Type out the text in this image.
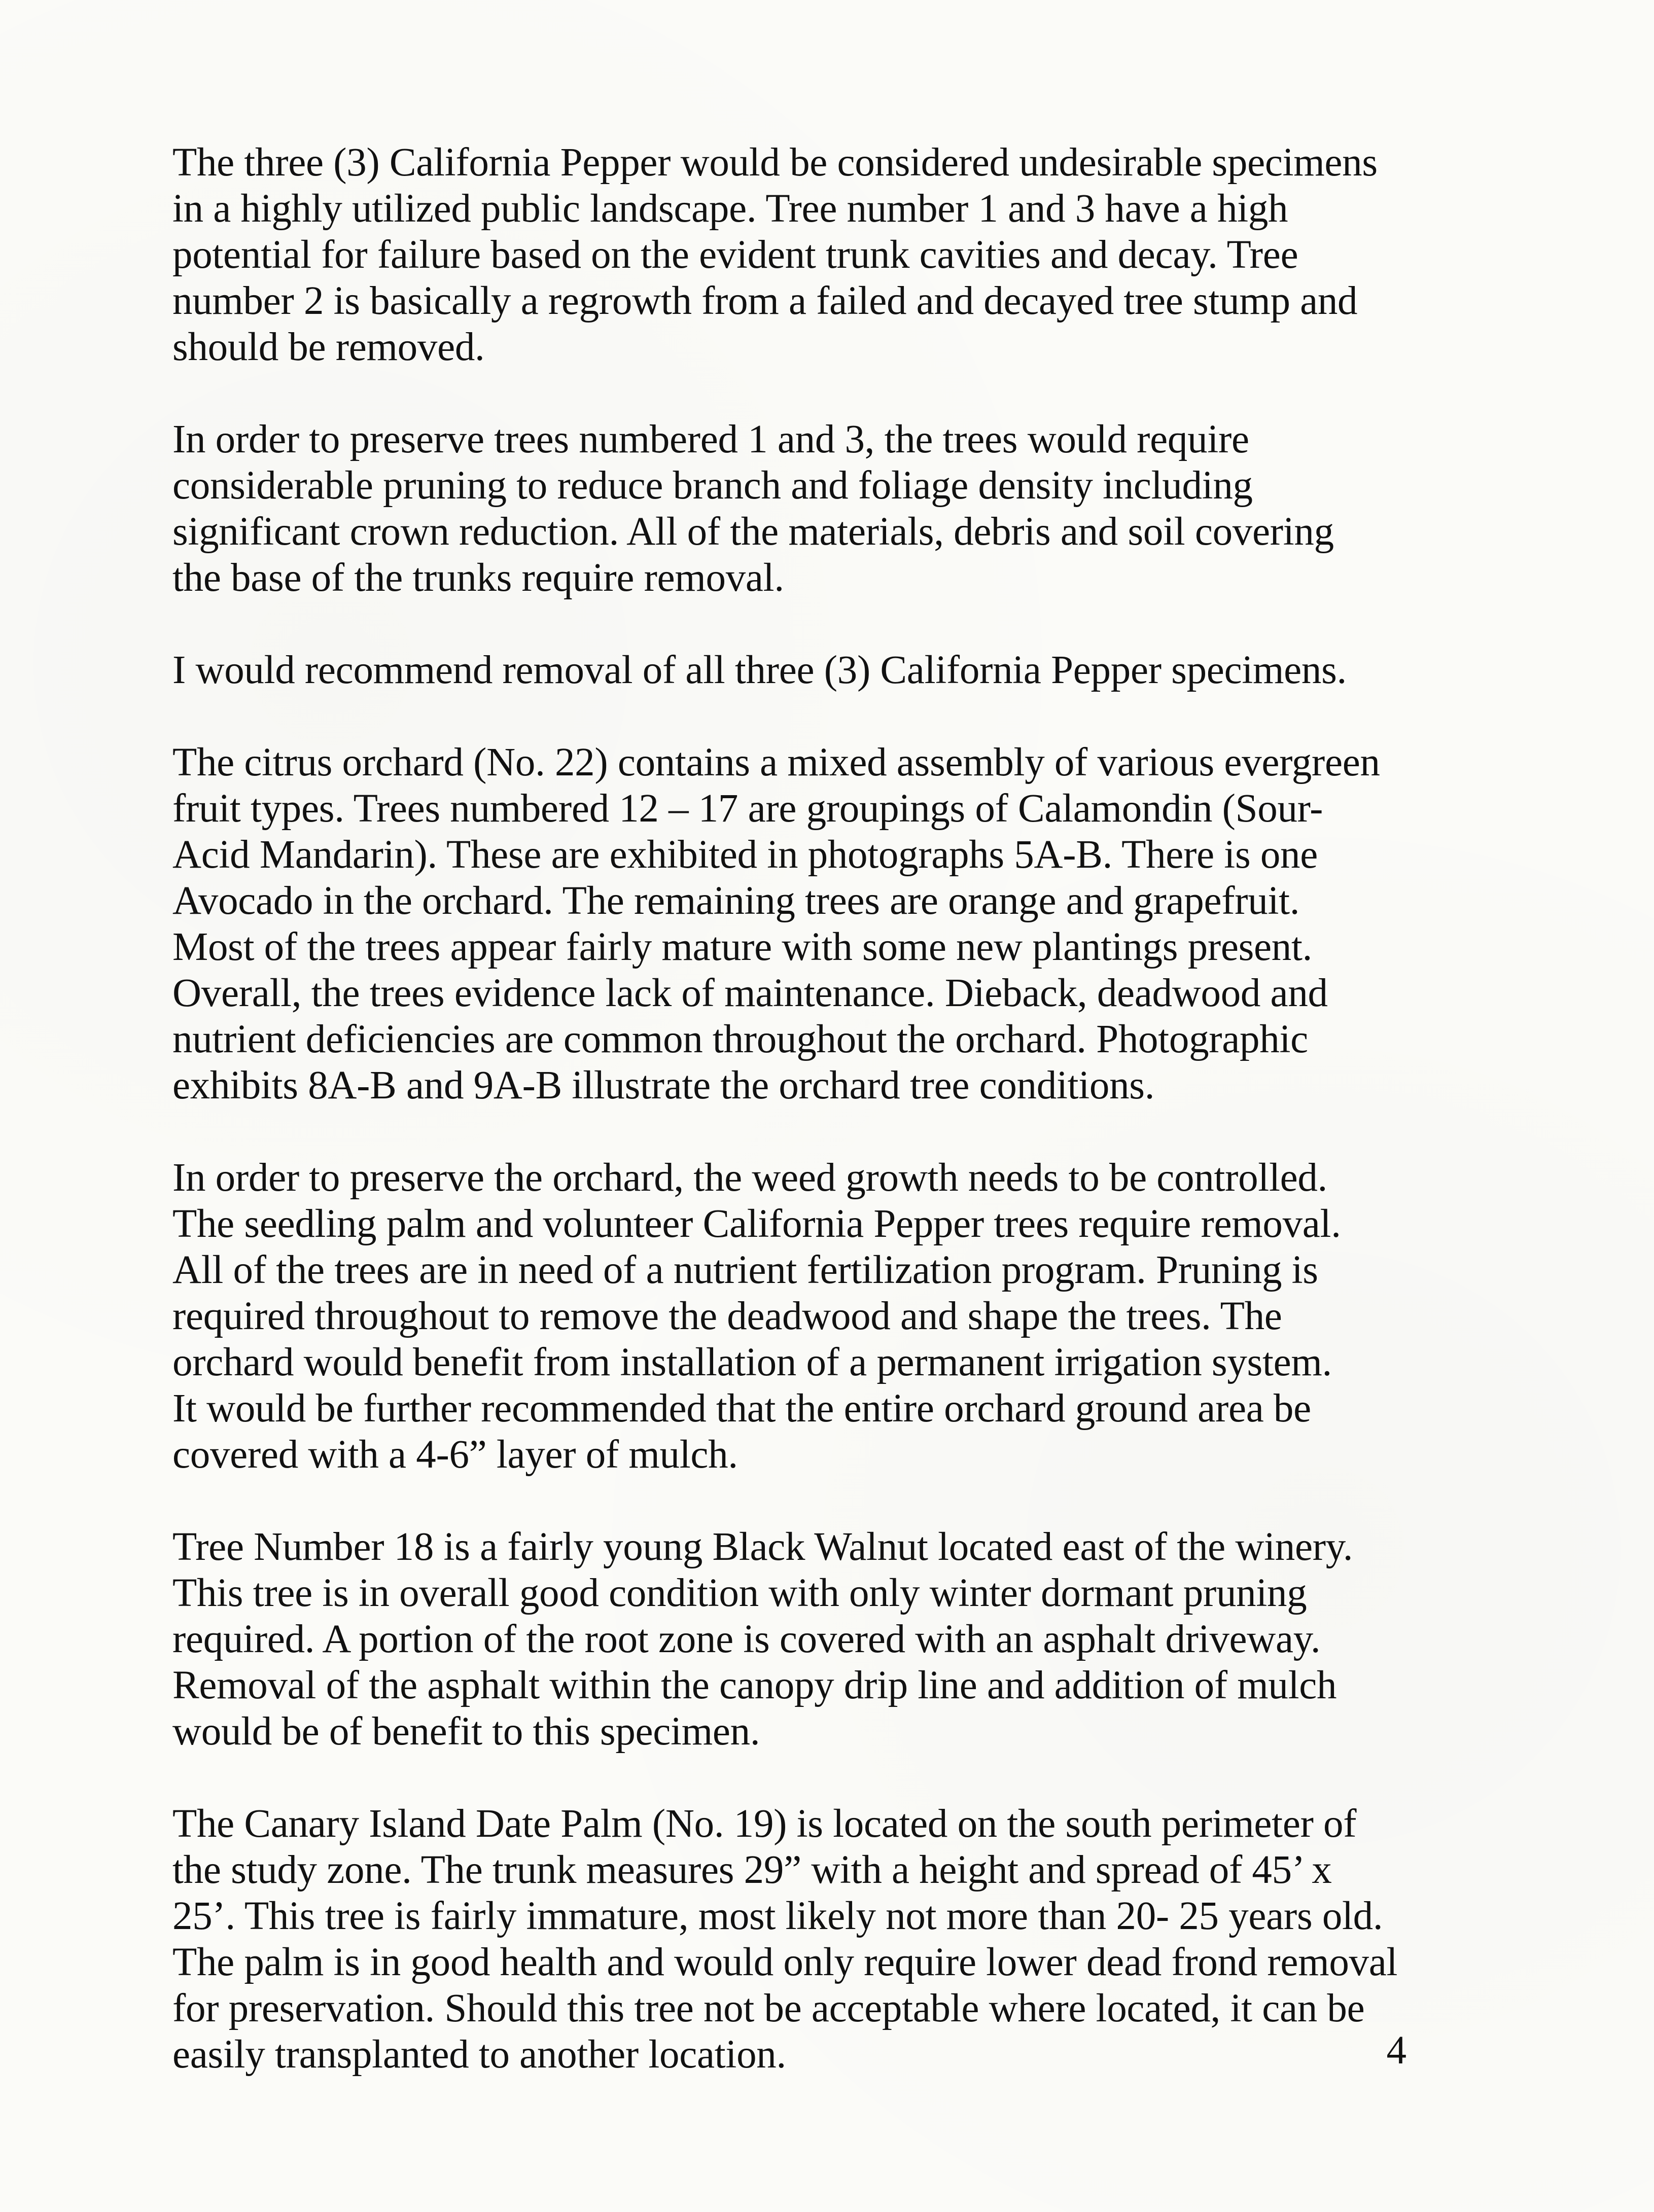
The three (3) California Pepper would be considered undesirable specimens
in a highly utilized public landscape. Tree number 1 and 3 have a high
potential for failure based on the evident trunk cavities and decay. Tree
number 2 is basically a regrowth from a failed and decayed tree stump and
should be removed.

In order to preserve trees numbered 1 and 3, the trees would require
considerable pruning to reduce branch and foliage density including
significant crown reduction. All of the materials, debris and soil covering
the base of the trunks require removal.

I would recommend removal of all three (3) California Pepper specimens.

The citrus orchard (No. 22) contains a mixed assembly of various evergreen
fruit types. Trees numbered 12 – 17 are groupings of Calamondin (Sour-
Acid Mandarin). These are exhibited in photographs 5A-B. There is one
Avocado in the orchard. The remaining trees are orange and grapefruit.
Most of the trees appear fairly mature with some new plantings present.
Overall, the trees evidence lack of maintenance. Dieback, deadwood and
nutrient deficiencies are common throughout the orchard. Photographic
exhibits 8A-B and 9A-B illustrate the orchard tree conditions.

In order to preserve the orchard, the weed growth needs to be controlled.
The seedling palm and volunteer California Pepper trees require removal.
All of the trees are in need of a nutrient fertilization program. Pruning is
required throughout to remove the deadwood and shape the trees. The
orchard would benefit from installation of a permanent irrigation system.
It would be further recommended that the entire orchard ground area be
covered with a 4-6” layer of mulch.

Tree Number 18 is a fairly young Black Walnut located east of the winery.
This tree is in overall good condition with only winter dormant pruning
required. A portion of the root zone is covered with an asphalt driveway.
Removal of the asphalt within the canopy drip line and addition of mulch
would be of benefit to this specimen.

The Canary Island Date Palm (No. 19) is located on the south perimeter of
the study zone. The trunk measures 29” with a height and spread of 45’ x
25’. This tree is fairly immature, most likely not more than 20- 25 years old.
The palm is in good health and would only require lower dead frond removal
for preservation. Should this tree not be acceptable where located, it can be
easily transplanted to another location.	4
